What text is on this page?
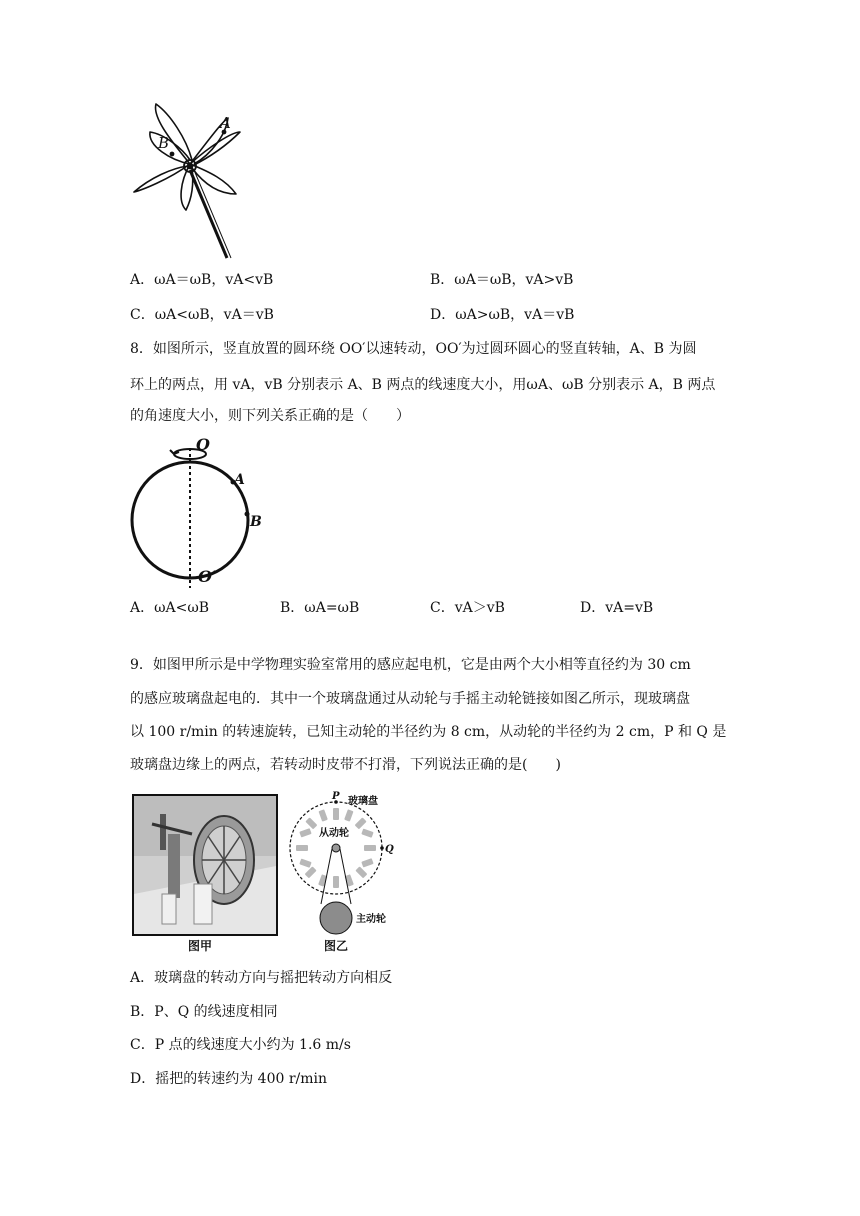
A
B
A．ωA＝ωB，vA<vB	B．ωA＝ωB，vA>vB
C．ωA<ωB，vA＝vB	D．ωA>ωB，vA＝vB
8．如图所示，竖直放置的圆环绕 OO′以速转动，OO′为过圆环圆心的竖直转轴，A、B 为圆
环上的两点，用 vA，vB 分别表示 A、B 两点的线速度大小，用ωA、ωB 分别表示 A，B 两点
的角速度大小，则下列关系正确的是（　　）
O
A
B
O′
A．ωA<ωB	B．ωA=ωB	C．vA＞vB	D．vA=vB
9．如图甲所示是中学物理实验室常用的感应起电机，它是由两个大小相等直径约为 30 cm
的感应玻璃盘起电的．其中一个玻璃盘通过从动轮与手摇主动轮链接如图乙所示，现玻璃盘
以 100 r/min 的转速旋转，已知主动轮的半径约为 8 cm，从动轮的半径约为 2 cm，P 和 Q 是
玻璃盘边缘上的两点，若转动时皮带不打滑，下列说法正确的是(　　)
图甲
P
Q
玻璃盘
从动轮
主动轮
图乙
A．玻璃盘的转动方向与摇把转动方向相反
B．P、Q 的线速度相同
C．P 点的线速度大小约为 1.6 m/s
D．摇把的转速约为 400 r/min
